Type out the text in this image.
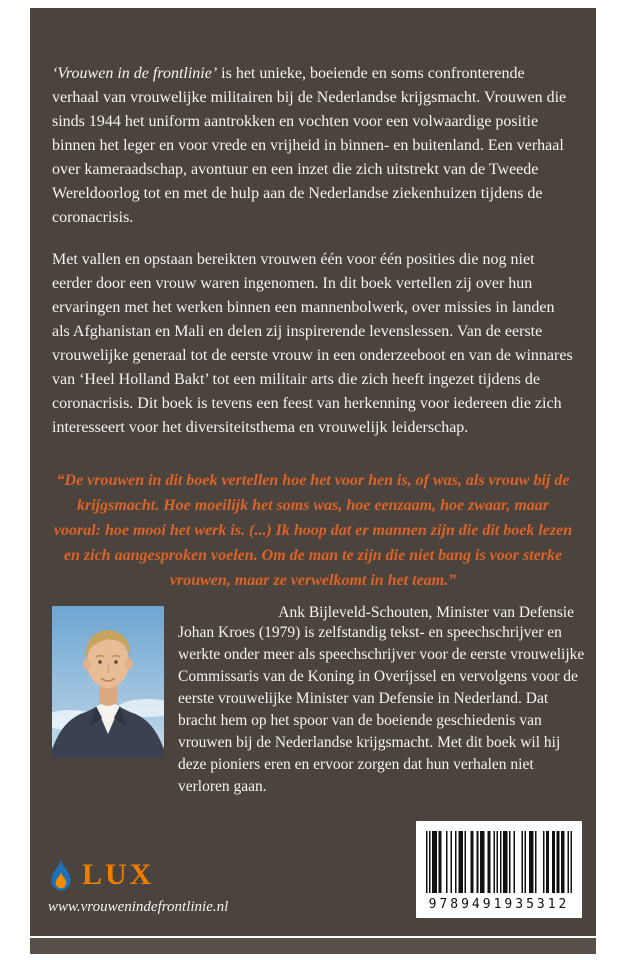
‘Vrouwen in de frontlinie’ is het unieke, boeiende en soms confronterende verhaal van vrouwelijke militairen bij de Nederlandse krijgsmacht. Vrouwen die sinds 1944 het uniform aantrokken en vochten voor een volwaardige positie binnen het leger en voor vrede en vrijheid in binnen- en buitenland. Een verhaal over kameraadschap, avontuur en een inzet die zich uitstrekt van de Tweede Wereldoorlog tot en met de hulp aan de Nederlandse ziekenhuizen tijdens de coronacrisis.

Met vallen en opstaan bereikten vrouwen één voor één posities die nog niet eerder door een vrouw waren ingenomen. In dit boek vertellen zij over hun ervaringen met het werken binnen een mannenbolwerk, over missies in landen als Afghanistan en Mali en delen zij inspirerende levenslessen. Van de eerste vrouwelijke generaal tot de eerste vrouw in een onderzeeboot en van de winnares van ‘Heel Holland Bakt’ tot een militair arts die zich heeft ingezet tijdens de coronacrisis. Dit boek is tevens een feest van herkenning voor iedereen die zich interesseert voor het diversiteitsthema en vrouwelijk leiderschap.

“De vrouwen in dit boek vertellen hoe het voor hen is, of was, als vrouw bij de krijgsmacht. Hoe moeilijk het soms was, hoe eenzaam, hoe zwaar, maar vooral: hoe mooi het werk is. (...) Ik hoop dat er mannen zijn die dit boek lezen en zich aangesproken voelen. Om de man te zijn die niet bang is voor sterke vrouwen, maar ze verwelkomt in het team.”

Ank Bijleveld-Schouten, Minister van Defensie

Johan Kroes (1979) is zelfstandig tekst- en speechschrijver en werkte onder meer als speechschrijver voor de eerste vrouwelijke Commissaris van de Koning in Overijssel en vervolgens voor de eerste vrouwelijke Minister van Defensie in Nederland. Dat bracht hem op het spoor van de boeiende geschiedenis van vrouwen bij de Nederlandse krijgsmacht. Met dit boek wil hij deze pioniers eren en ervoor zorgen dat hun verhalen niet verloren gaan.

LUX
www.vrouwenindefrontlinie.nl	9789491935312
